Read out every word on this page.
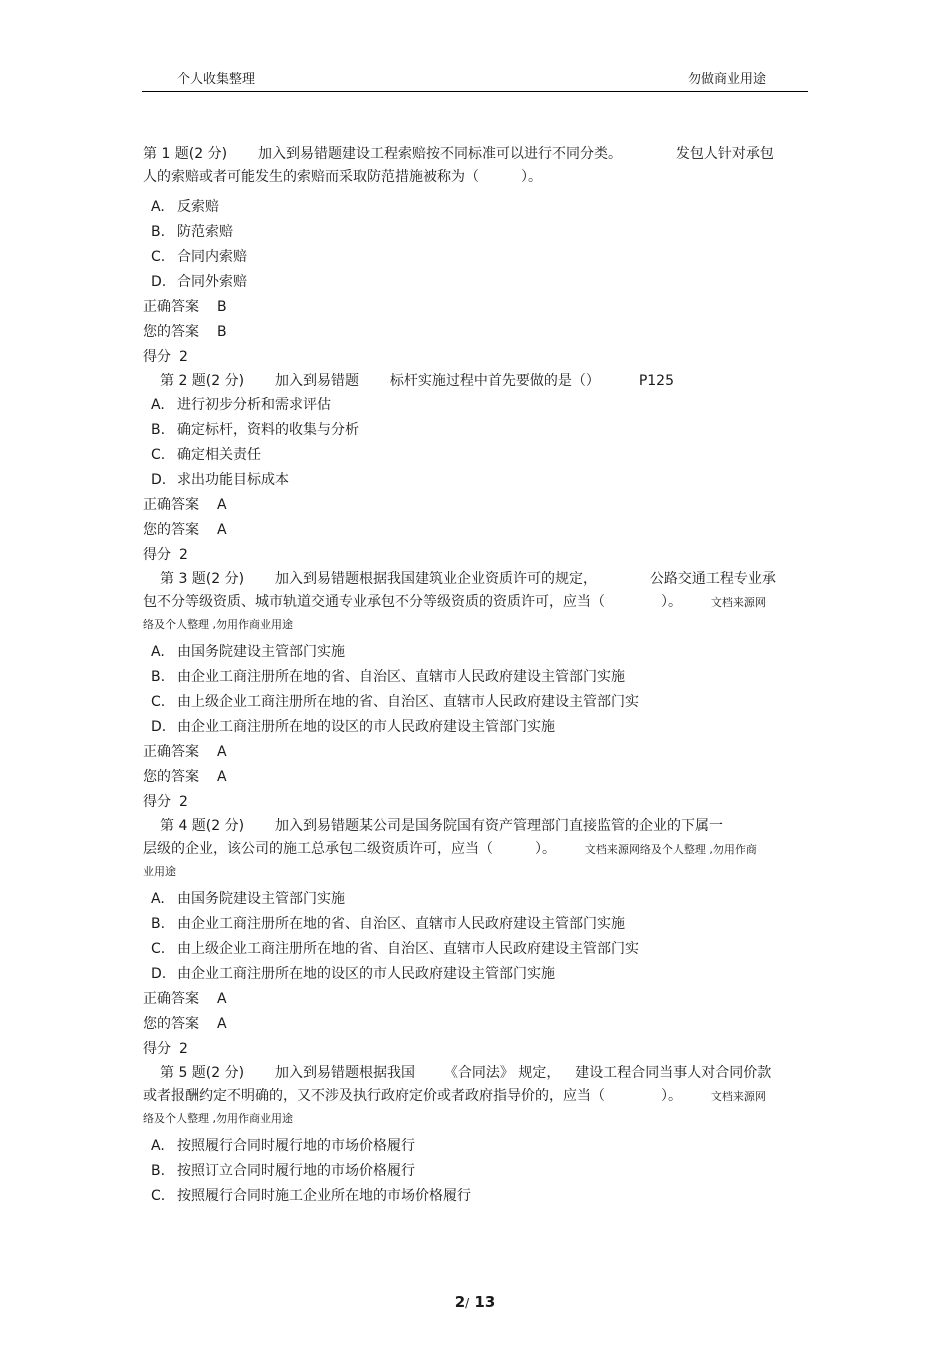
个人收集整理	勿做商业用途
第 1 题(2 分) 加入到易错题建设工程索赔按不同标准可以进行不同分类。	发包人针对承包
人的索赔或者可能发生的索赔而采取防范措施被称为（　　　）。
A. 反索赔
B. 防范索赔
C. 合同内索赔
D. 合同外索赔
正确答案 B
您的答案 B
得分 2
第 2 题(2 分) 加入到易错题 标杆实施过程中首先要做的是（）	P125
A. 进行初步分析和需求评估
B. 确定标杆，资料的收集与分析
C. 确定相关责任
D. 求出功能目标成本
正确答案 A
您的答案 A
得分 2
第 3 题(2 分) 加入到易错题根据我国建筑业企业资质许可的规定，	公路交通工程专业承
包不分等级资质、城市轨道交通专业承包不分等级资质的资质许可，应当（　　　　）。	文档来源网
络及个人整理 ,勿用作商业用途
A. 由国务院建设主管部门实施
B. 由企业工商注册所在地的省、自治区、直辖市人民政府建设主管部门实施
C. 由上级企业工商注册所在地的省、自治区、直辖市人民政府建设主管部门实
D. 由企业工商注册所在地的设区的市人民政府建设主管部门实施
正确答案 A
您的答案 A
得分 2
第 4 题(2 分) 加入到易错题某公司是国务院国有资产管理部门直接监管的企业的下属一
层级的企业，该公司的施工总承包二级资质许可，应当（　　　）。	文档来源网络及个人整理 ,勿用作商
业用途
A. 由国务院建设主管部门实施
B. 由企业工商注册所在地的省、自治区、直辖市人民政府建设主管部门实施
C. 由上级企业工商注册所在地的省、自治区、直辖市人民政府建设主管部门实
D. 由企业工商注册所在地的设区的市人民政府建设主管部门实施
正确答案 A
您的答案 A
得分 2
第 5 题(2 分) 加入到易错题根据我国 《合同法》 规定， 建设工程合同当事人对合同价款
或者报酬约定不明确的，又不涉及执行政府定价或者政府指导价的，应当（　　　　）。	文档来源网
络及个人整理 ,勿用作商业用途
A. 按照履行合同时履行地的市场价格履行
B. 按照订立合同时履行地的市场价格履行
C. 按照履行合同时施工企业所在地的市场价格履行
2/ 13
